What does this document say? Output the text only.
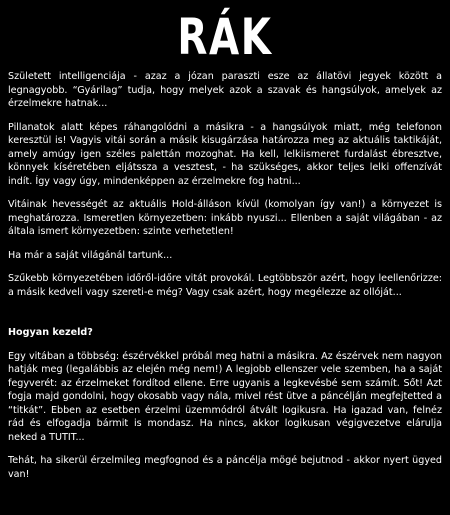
RÁK

Született intelligenciája - azaz a józan paraszti esze az állatövi jegyek között a legnagyobb. “Gyárilag” tudja, hogy melyek azok a szavak és hangsúlyok, amelyek az érzelmekre hatnak...

Pillanatok alatt képes ráhangolódni a másikra - a hangsúlyok miatt, még telefonon keresztül is! Vagyis vitái során a másik kisugárzása határozza meg az aktuális taktikáját, amely amúgy igen széles palettán mozoghat. Ha kell, lelkiismeret furdalást ébresztve, könnyek kíséretében eljátssza a vesztest, - ha szükséges, akkor teljes lelki offenzívát indít. Így vagy úgy, mindenképpen az érzelmekre fog hatni...

Vitáinak hevességét az aktuális Hold-álláson kívül (komolyan így van!) a környezet is meghatározza. Ismeretlen környezetben: inkább nyuszi... Ellenben a saját világában - az általa ismert környezetben: szinte verhetetlen!

Ha már a saját világánál tartunk...

Szűkebb környezetében időről-időre vitát provokál. Legtöbbször azért, hogy leellenőrizze: a másik kedveli vagy szereti-e még? Vagy csak azért, hogy megélezze az ollóját...

Hogyan kezeld?

Egy vitában a többség: észérvékkel próbál meg hatni a másikra. Az észérvek nem nagyon hatják meg (legalábbis az elején még nem!) A legjobb ellenszer vele szemben, ha a saját fegyverét: az érzelmeket fordítod ellene. Erre ugyanis a legkevésbé sem számít. Sőt! Azt fogja majd gondolni, hogy okosabb vagy nála, mivel rést ütve a páncélján megfejtetted a “titkát”. Ebben az esetben érzelmi üzemmódról átvált logikusra. Ha igazad van, felnéz rád és elfogadja bármit is mondasz. Ha nincs, akkor logikusan végigvezetve elárulja neked a TUTIT...

Tehát, ha sikerül érzelmileg megfognod és a páncélja mögé bejutnod - akkor nyert ügyed van!
